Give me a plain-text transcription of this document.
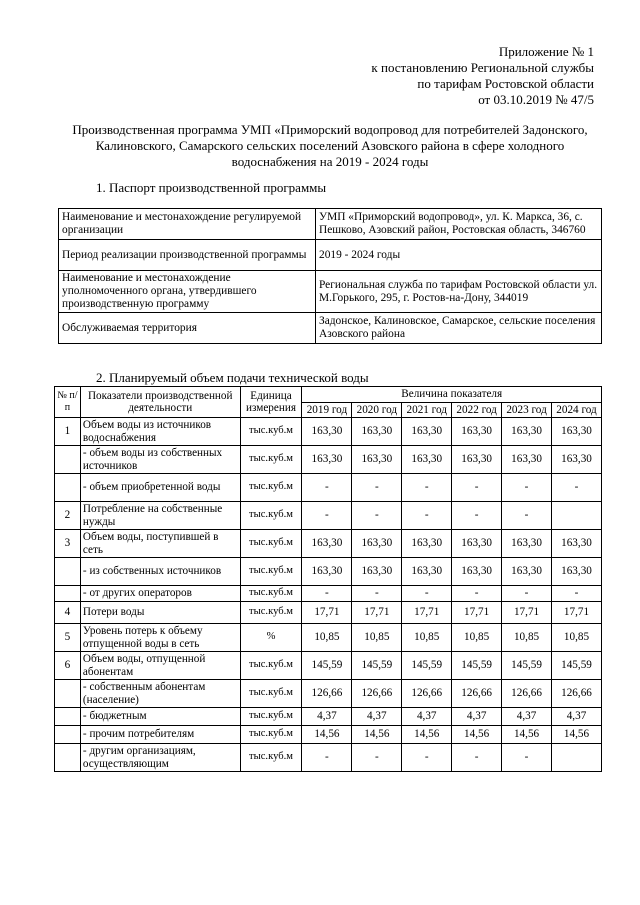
Приложение № 1
к постановлению Региональной службы
по тарифам Ростовской области
от 03.10.2019 № 47/5
Производственная программа УМП «Приморский водопровод для потребителей Задонского,
Калиновского, Самарского сельских поселений Азовского района в сфере холодного
водоснабжения на 2019 - 2024 годы
1. Паспорт производственной программы
Наименование и местонахождение регулируемой организации	УМП «Приморский водопровод», ул. К. Маркса, 36, с. Пешково, Азовский район, Ростовская область, 346760
Период реализации производственной программы	2019 - 2024 годы
Наименование и местонахождение уполномоченного органа, утвердившего производственную программу	Региональная служба по тарифам Ростовской области ул. М.Горького, 295, г. Ростов-на-Дону, 344019
Обслуживаемая территория	Задонское, Калиновское, Самарское, сельские поселения Азовского района
2. Планируемый объем подачи технической воды
№ п/п	Показатели производственной деятельности	Единица измерения	Величина показателя					
			2019 год	2020 год	2021 год	2022 год	2023 год	2024 год
1	Объем воды из источников водоснабжения	тыс.куб.м	163,30	163,30	163,30	163,30	163,30	163,30
	- объем воды из собственных источников	тыс.куб.м	163,30	163,30	163,30	163,30	163,30	163,30
	- объем приобретенной воды	тыс.куб.м	-	-	-	-	-	-
2	Потребление на собственные нужды	тыс.куб.м	-	-	-	-	-	
3	Объем воды, поступившей в сеть	тыс.куб.м	163,30	163,30	163,30	163,30	163,30	163,30
	- из собственных источников	тыс.куб.м	163,30	163,30	163,30	163,30	163,30	163,30
	- от других операторов	тыс.куб.м	-	-	-	-	-	-
4	Потери воды	тыс.куб.м	17,71	17,71	17,71	17,71	17,71	17,71
5	Уровень потерь к объему отпущенной воды в сеть	%	10,85	10,85	10,85	10,85	10,85	10,85
6	Объем воды, отпущенной абонентам	тыс.куб.м	145,59	145,59	145,59	145,59	145,59	145,59
	- собственным абонентам (население)	тыс.куб.м	126,66	126,66	126,66	126,66	126,66	126,66
	- бюджетным	тыс.куб.м	4,37	4,37	4,37	4,37	4,37	4,37
	- прочим потребителям	тыс.куб.м	14,56	14,56	14,56	14,56	14,56	14,56
	- другим организациям, осуществляющим	тыс.куб.м	-	-	-	-	-	
